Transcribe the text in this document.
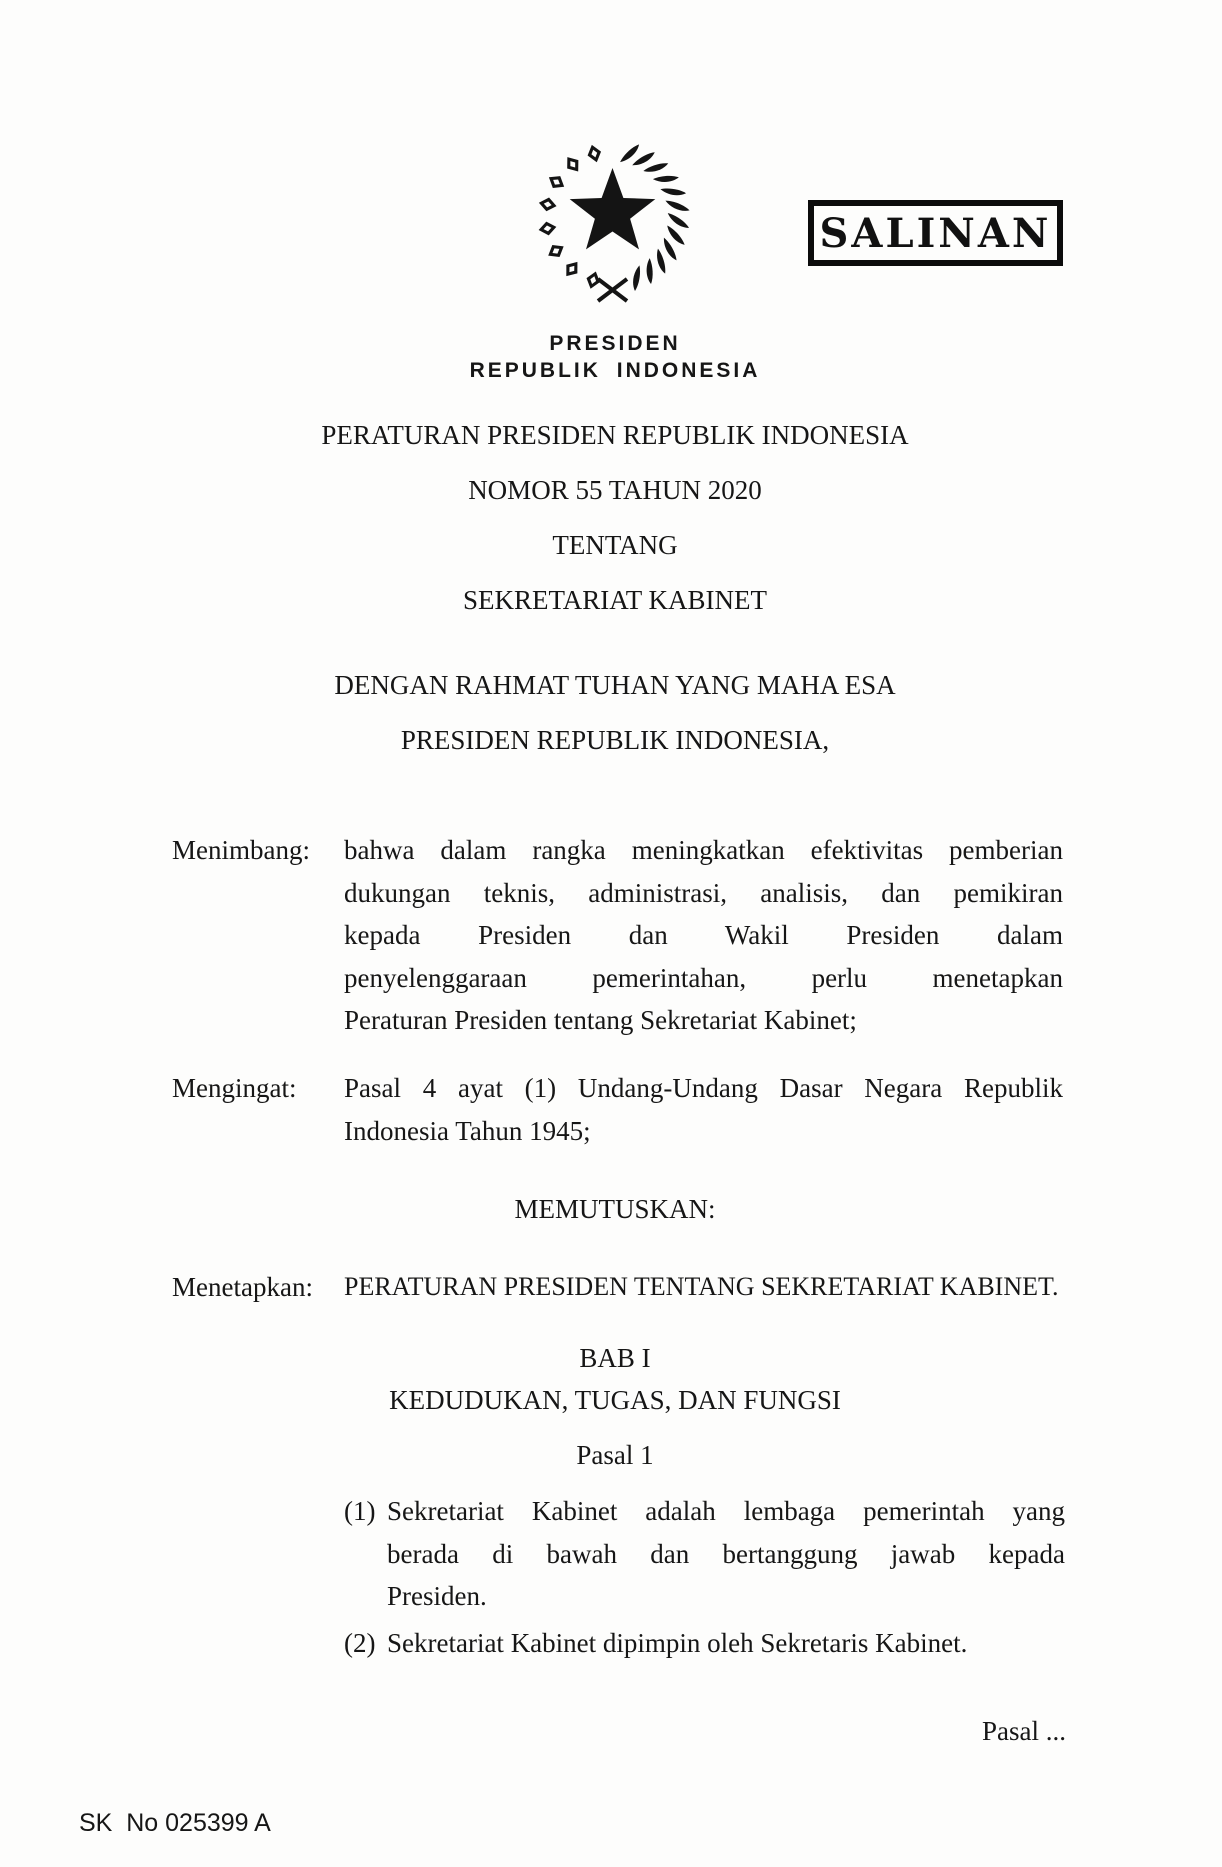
SALINAN
PRESIDEN
REPUBLIK INDONESIA
PERATURAN PRESIDEN REPUBLIK INDONESIA
NOMOR 55 TAHUN 2020
TENTANG
SEKRETARIAT KABINET
DENGAN RAHMAT TUHAN YANG MAHA ESA
PRESIDEN REPUBLIK INDONESIA,
Menimbang: bahwa dalam rangka meningkatkan efektivitas pemberian
dukungan teknis, administrasi, analisis, dan pemikiran
kepada Presiden dan Wakil Presiden dalam
penyelenggaraan pemerintahan, perlu menetapkan
Peraturan Presiden tentang Sekretariat Kabinet;
Mengingat: Pasal 4 ayat (1) Undang-Undang Dasar Negara Republik
Indonesia Tahun 1945;
MEMUTUSKAN:
Menetapkan: PERATURAN PRESIDEN TENTANG SEKRETARIAT KABINET.
BAB I
KEDUDUKAN, TUGAS, DAN FUNGSI
Pasal 1
(1) Sekretariat Kabinet adalah lembaga pemerintah yang
berada di bawah dan bertanggung jawab kepada
Presiden.
(2) Sekretariat Kabinet dipimpin oleh Sekretaris Kabinet.
Pasal ...
SK  No 025399 A
